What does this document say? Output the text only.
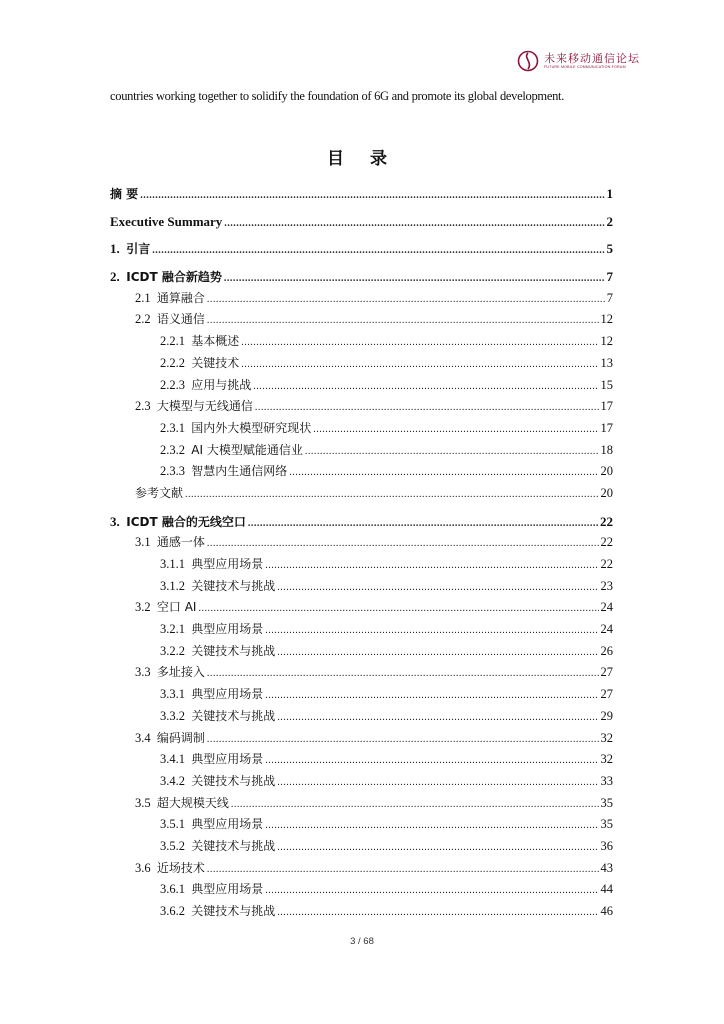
未来移动通信论坛
FUTURE MOBILE COMMUNICATION FORUM
countries working together to solidify the foundation of 6G and promote its global development.
目 录
摘 要 .....	1
Executive Summary .....	2
1. 引言 .....	5
2. ICDT 融合新趋势 .....	7
2.1 通算融合 .....	7
2.2 语义通信 .....	12
2.2.1 基本概述 .....	12
2.2.2 关键技术 .....	13
2.2.3 应用与挑战 .....	15
2.3 大模型与无线通信 .....	17
2.3.1 国内外大模型研究现状 .....	17
2.3.2 AI 大模型赋能通信业 .....	18
2.3.3 智慧内生通信网络 .....	20
参考文献 .....	20
3. ICDT 融合的无线空口 .....	22
3.1 通感一体 .....	22
3.1.1 典型应用场景 .....	22
3.1.2 关键技术与挑战 .....	23
3.2 空口 AI .....	24
3.2.1 典型应用场景 .....	24
3.2.2 关键技术与挑战 .....	26
3.3 多址接入 .....	27
3.3.1 典型应用场景 .....	27
3.3.2 关键技术与挑战 .....	29
3.4 编码调制 .....	32
3.4.1 典型应用场景 .....	32
3.4.2 关键技术与挑战 .....	33
3.5 超大规模天线 .....	35
3.5.1 典型应用场景 .....	35
3.5.2 关键技术与挑战 .....	36
3.6 近场技术 .....	43
3.6.1 典型应用场景 .....	44
3.6.2 关键技术与挑战 .....	46
3 / 68
